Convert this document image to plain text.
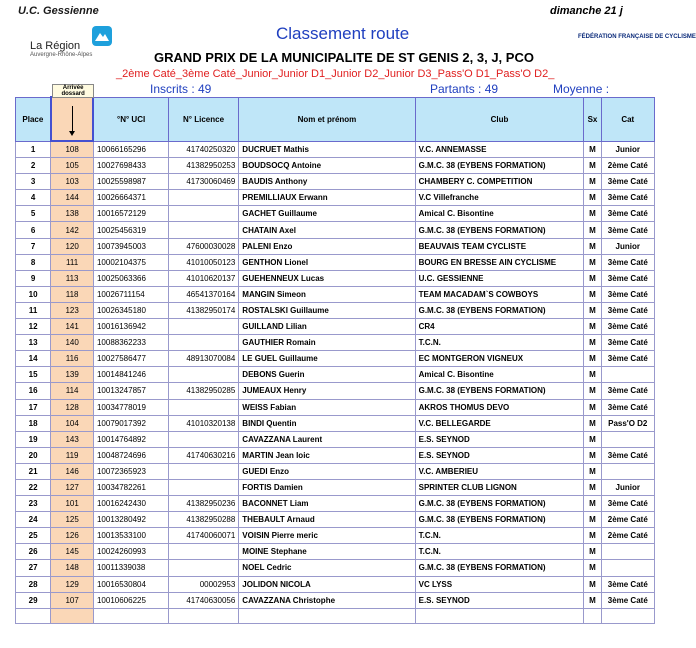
U.C. Gessienne	dimanche 21 j
La Région
Auvergne-Rhône-Alpes
Classement route
GRAND PRIX DE LA MUNICIPALITE DE ST GENIS 2, 3, J, PCO
FÉDÉRATION FRANÇAISE DE CYCLISME
_2ème Caté_3ème Caté_Junior_Junior D1_Junior D2_Junior D3_Pass'O D1_Pass'O D2_
Inscrits : 49	Partants : 49	Moyenne :
Place	Arrivée dossard	°N° UCI	N° Licence	Nom et prénom	Club	Sx	Cat
1	108	10066165296	41740250320	DUCRUET Mathis	V.C. ANNEMASSE	M	Junior
2	105	10027698433	41382950253	BOUDSOCQ Antoine	G.M.C. 38 (EYBENS FORMATION)	M	2ème Caté
3	103	10025598987	41730060469	BAUDIS Anthony	CHAMBERY C. COMPETITION	M	3ème Caté
4	144	10026664371		PREMILLIAUX Erwann	V.C Villefranche	M	3ème Caté
5	138	10016572129		GACHET Guillaume	Amical C. Bisontine	M	3ème Caté
6	142	10025456319		CHATAIN Axel	G.M.C. 38 (EYBENS FORMATION)	M	3ème Caté
7	120	10073945003	47600030028	PALENI Enzo	BEAUVAIS TEAM CYCLISTE	M	Junior
8	111	10002104375	41010050123	GENTHON Lionel	BOURG EN BRESSE AIN CYCLISME	M	3ème Caté
9	113	10025063366	41010620137	GUEHENNEUX Lucas	U.C. GESSIENNE	M	3ème Caté
10	118	10026711154	46541370164	MANGIN Simeon	TEAM MACADAM`S COWBOYS	M	3ème Caté
11	123	10026345180	41382950174	ROSTALSKI Guillaume	G.M.C. 38 (EYBENS FORMATION)	M	3ème Caté
12	141	10016136942		GUILLAND Lilian	CR4	M	3ème Caté
13	140	10088362233		GAUTHIER Romain	T.C.N.	M	3ème Caté
14	116	10027586477	48913070084	LE GUEL Guillaume	EC MONTGERON VIGNEUX	M	3ème Caté
15	139	10014841246		DEBONS Guerin	Amical C. Bisontine	M	
16	114	10013247857	41382950285	JUMEAUX Henry	G.M.C. 38 (EYBENS FORMATION)	M	3ème Caté
17	128	10034778019		WEISS Fabian	AKROS THOMUS DEVO	M	3ème Caté
18	104	10079017392	41010320138	BINDI Quentin	V.C. BELLEGARDE	M	Pass'O D2
19	143	10014764892		CAVAZZANA Laurent	E.S. SEYNOD	M	
20	119	10048724696	41740630216	MARTIN Jean loic	E.S. SEYNOD	M	3ème Caté
21	146	10072365923		GUEDI Enzo	V.C. AMBERIEU	M	
22	127	10034782261		FORTIS Damien	SPRINTER CLUB LIGNON	M	Junior
23	101	10016242430	41382950236	BACONNET Liam	G.M.C. 38 (EYBENS FORMATION)	M	3ème Caté
24	125	10013280492	41382950288	THEBAULT Arnaud	G.M.C. 38 (EYBENS FORMATION)	M	2ème Caté
25	126	10013533100	41740060071	VOISIN Pierre meric	T.C.N.	M	2ème Caté
26	145	10024260993		MOINE Stephane	T.C.N.	M	
27	148	10011339038		NOEL Cedric	G.M.C. 38 (EYBENS FORMATION)	M	
28	129	10016530804	00002953	JOLIDON NICOLA	VC LYSS	M	3ème Caté
29	107	10010606225	41740630056	CAVAZZANA Christophe	E.S. SEYNOD	M	3ème Caté
